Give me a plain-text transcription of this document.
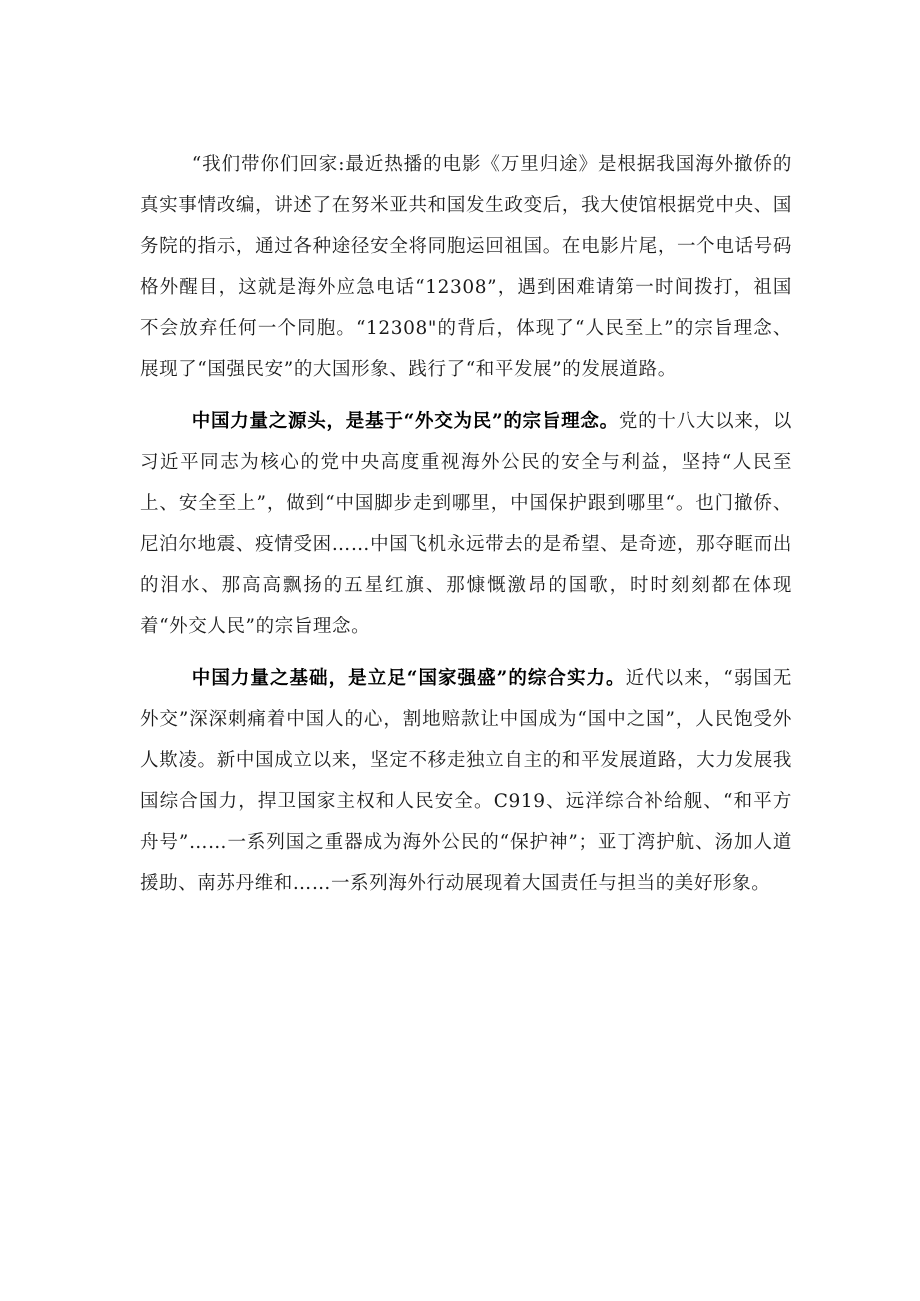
“我们带你们回家:最近热播的电影《万里归途》是根据我国海外撤侨的真实事情改编，讲述了在努米亚共和国发生政变后，我大使馆根据党中央、国务院的指示，通过各种途径安全将同胞运回祖国。在电影片尾，一个电话号码格外醒目，这就是海外应急电话“12308”，遇到困难请第一时间拨打，祖国不会放弃任何一个同胞。“12308"的背后，体现了“人民至上”的宗旨理念、展现了“国强民安”的大国形象、践行了“和平发展”的发展道路。

中国力量之源头，是基于“外交为民”的宗旨理念。党的十八大以来，以习近平同志为核心的党中央高度重视海外公民的安全与利益，坚持“人民至上、安全至上”，做到“中国脚步走到哪里，中国保护跟到哪里“。也门撤侨、尼泊尔地震、疫情受困……中国飞机永远带去的是希望、是奇迹，那夺眶而出的泪水、那高高飘扬的五星红旗、那慷慨激昂的国歌，时时刻刻都在体现着“外交人民”的宗旨理念。

中国力量之基础，是立足“国家强盛”的综合实力。近代以来，“弱国无外交”深深刺痛着中国人的心，割地赔款让中国成为“国中之国”，人民饱受外人欺凌。新中国成立以来，坚定不移走独立自主的和平发展道路，大力发展我国综合国力，捍卫国家主权和人民安全。C919、远洋综合补给舰、“和平方舟号”……一系列国之重器成为海外公民的“保护神”；亚丁湾护航、汤加人道援助、南苏丹维和……一系列海外行动展现着大国责任与担当的美好形象。
